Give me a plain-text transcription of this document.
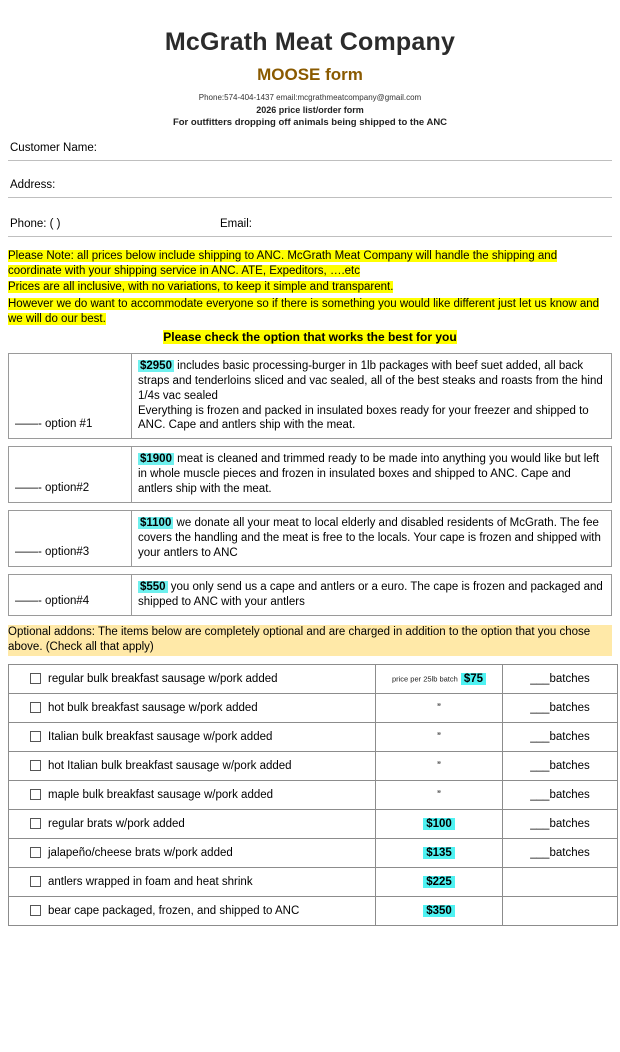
McGrath Meat Company
MOOSE form
Phone:574-404-1437 email:mcgrathmeatcompany@gmail.com
2026 price list/order form
For outfitters dropping off animals being shipped to the ANC
Customer Name:
Address:
Phone: ( )	Email:

Please Note: all prices below include shipping to ANC. McGrath Meat Company will handle the shipping and coordinate with your shipping service in ANC. ATE, Expeditors, ….etc

Prices are all inclusive, with no variations, to keep it simple and transparent.

However we do want to accommodate everyone so if there is something you would like different just let us know and we will do our best.

Please check the option that works the best for you
——- option #1	$2950 includes basic processing-burger in 1lb packages with beef suet added, all back straps and tenderloins sliced and vac sealed, all of the best steaks and roasts from the hind 1/4s vac sealed
Everything is frozen and packed in insulated boxes ready for your freezer and shipped to ANC. Cape and antlers ship with the meat.
——- option#2	$1900 meat is cleaned and trimmed ready to be made into anything you would like but left in whole muscle pieces and frozen in insulated boxes and shipped to ANC. Cape and antlers ship with the meat.
——- option#3	$1100 we donate all your meat to local elderly and disabled residents of McGrath. The fee covers the handling and the meat is free to the locals. Your cape is frozen and shipped with your antlers to ANC
——- option#4	$550 you only send us a cape and antlers or a euro. The cape is frozen and packaged and shipped to ANC with your antlers
Optional addons: The items below are completely optional and are charged in addition to the option that you chose above. (Check all that apply)
regular bulk breakfast sausage w/pork added	price per 25lb batch $75	___batches
hot bulk breakfast sausage w/pork added	”	___batches
Italian bulk breakfast sausage w/pork added	”	___batches
hot Italian bulk breakfast sausage w/pork added	”	___batches
maple bulk breakfast sausage w/pork added	”	___batches
regular brats w/pork added	$100	___batches
jalapeño/cheese brats w/pork added	$135	___batches
antlers wrapped in foam and heat shrink	$225	
bear cape packaged, frozen, and shipped to ANC	$350	
